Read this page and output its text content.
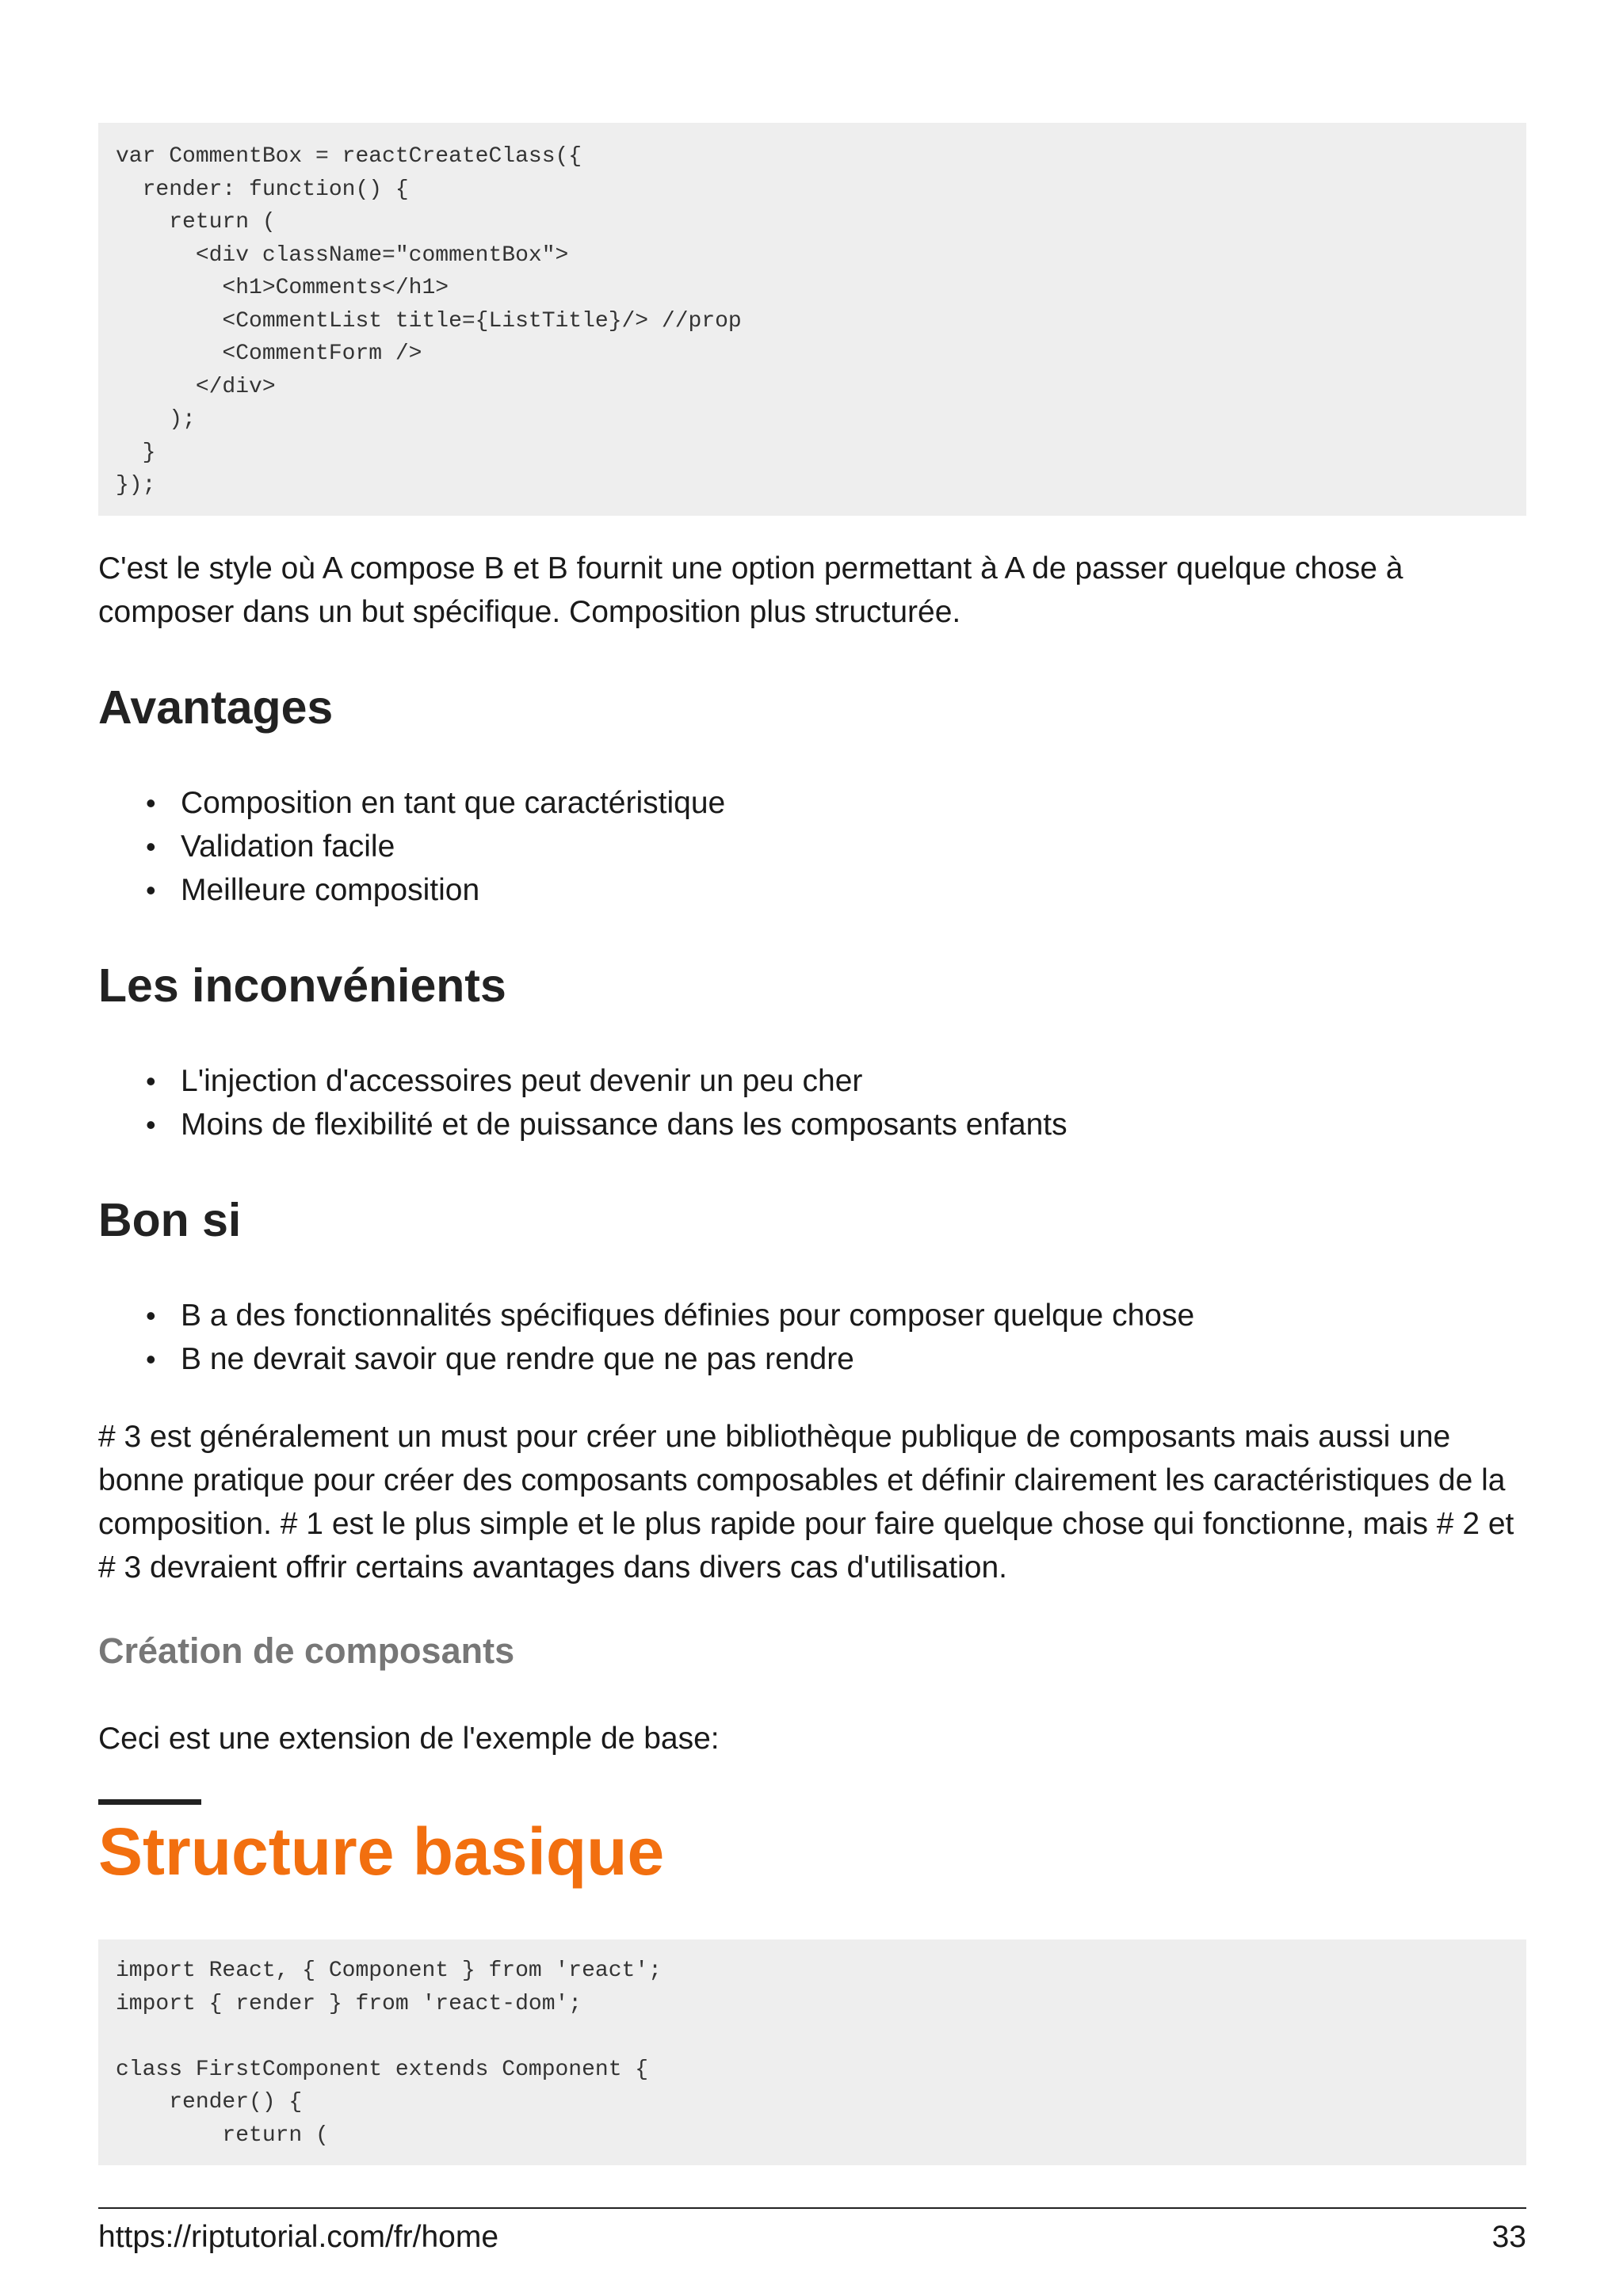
var CommentBox = reactCreateClass({
render: function() {
return (
<div className="commentBox">
<h1>Comments</h1>
<CommentList title={ListTitle}/> //prop
<CommentForm />
</div>
);
}
});

C'est le style où A compose B et B fournit une option permettant à A de passer quelque chose à composer dans un but spécifique. Composition plus structurée.

Avantages
• Composition en tant que caractéristique
• Validation facile
• Meilleure composition
Les inconvénients
• L'injection d'accessoires peut devenir un peu cher
• Moins de flexibilité et de puissance dans les composants enfants
Bon si
• B a des fonctionnalités spécifiques définies pour composer quelque chose
• B ne devrait savoir que rendre que ne pas rendre

# 3 est généralement un must pour créer une bibliothèque publique de composants mais aussi une bonne pratique pour créer des composants composables et définir clairement les caractéristiques de la composition. # 1 est le plus simple et le plus rapide pour faire quelque chose qui fonctionne, mais # 2 et # 3 devraient offrir certains avantages dans divers cas d'utilisation.

Création de composants

Ceci est une extension de l'exemple de base:

Structure basique
import React, { Component } from 'react';
import { render } from 'react-dom';
class FirstComponent extends Component {
render() {
return (
https://riptutorial.com/fr/home	33
